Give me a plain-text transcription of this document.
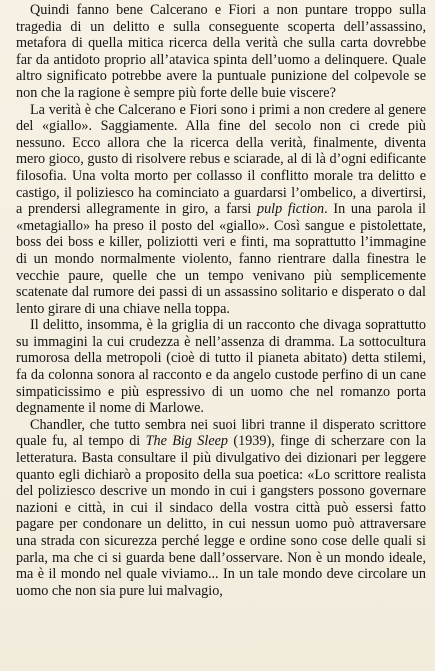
Quindi fanno bene Calcerano e Fiori a non puntare troppo sulla tragedia di un delitto e sulla conseguente scoperta dell’assassino, metafora di quella mitica ricerca della verità che sulla carta dovrebbe far da antidoto proprio all’atavica spinta dell’uomo a delinquere. Quale altro significato potrebbe avere la puntuale punizione del colpevole se non che la ragione è sempre più forte delle buie viscere?

La verità è che Calcerano e Fiori sono i primi a non credere al genere del «giallo». Saggiamente. Alla fine del secolo non ci crede più nessuno. Ecco allora che la ricerca della verità, finalmente, diventa mero gioco, gusto di risolvere rebus e sciarade, al di là d’ogni edificante filosofia. Una volta morto per collasso il conflitto morale tra delitto e castigo, il poliziesco ha cominciato a guardarsi l’ombelico, a divertirsi, a prendersi allegramente in giro, a farsi pulp fiction. In una parola il «metagiallo» ha preso il posto del «giallo». Così sangue e pistolettate, boss dei boss e killer, poliziotti veri e finti, ma soprattutto l’immagine di un mondo normalmente violento, fanno rientrare dalla finestra le vecchie paure, quelle che un tempo venivano più semplicemente scatenate dal rumore dei passi di un assassino solitario e disperato o dal lento girare di una chiave nella toppa.

Il delitto, insomma, è la griglia di un racconto che divaga soprattutto su immagini la cui crudezza è nell’assenza di dramma. La sottocultura rumorosa della metropoli (cioè di tutto il pianeta abitato) detta stilemi, fa da colonna sonora al racconto e da angelo custode perfino di un cane simpaticissimo e più espressivo di un uomo che nel romanzo porta degnamente il nome di Marlowe.

Chandler, che tutto sembra nei suoi libri tranne il disperato scrittore quale fu, al tempo di The Big Sleep (1939), finge di scherzare con la letteratura. Basta consultare il più divulgativo dei dizionari per leggere quanto egli dichiarò a proposito della sua poetica: «Lo scrittore realista del poliziesco descrive un mondo in cui i gangsters possono governare nazioni e città, in cui il sindaco della vostra città può essersi fatto pagare per condonare un delitto, in cui nessun uomo può attraversare una strada con sicurezza perché legge e ordine sono cose delle quali si parla, ma che ci si guarda bene dall’osservare. Non è un mondo ideale, ma è il mondo nel quale viviamo... In un tale mondo deve circolare un uomo che non sia pure lui malvagio,
